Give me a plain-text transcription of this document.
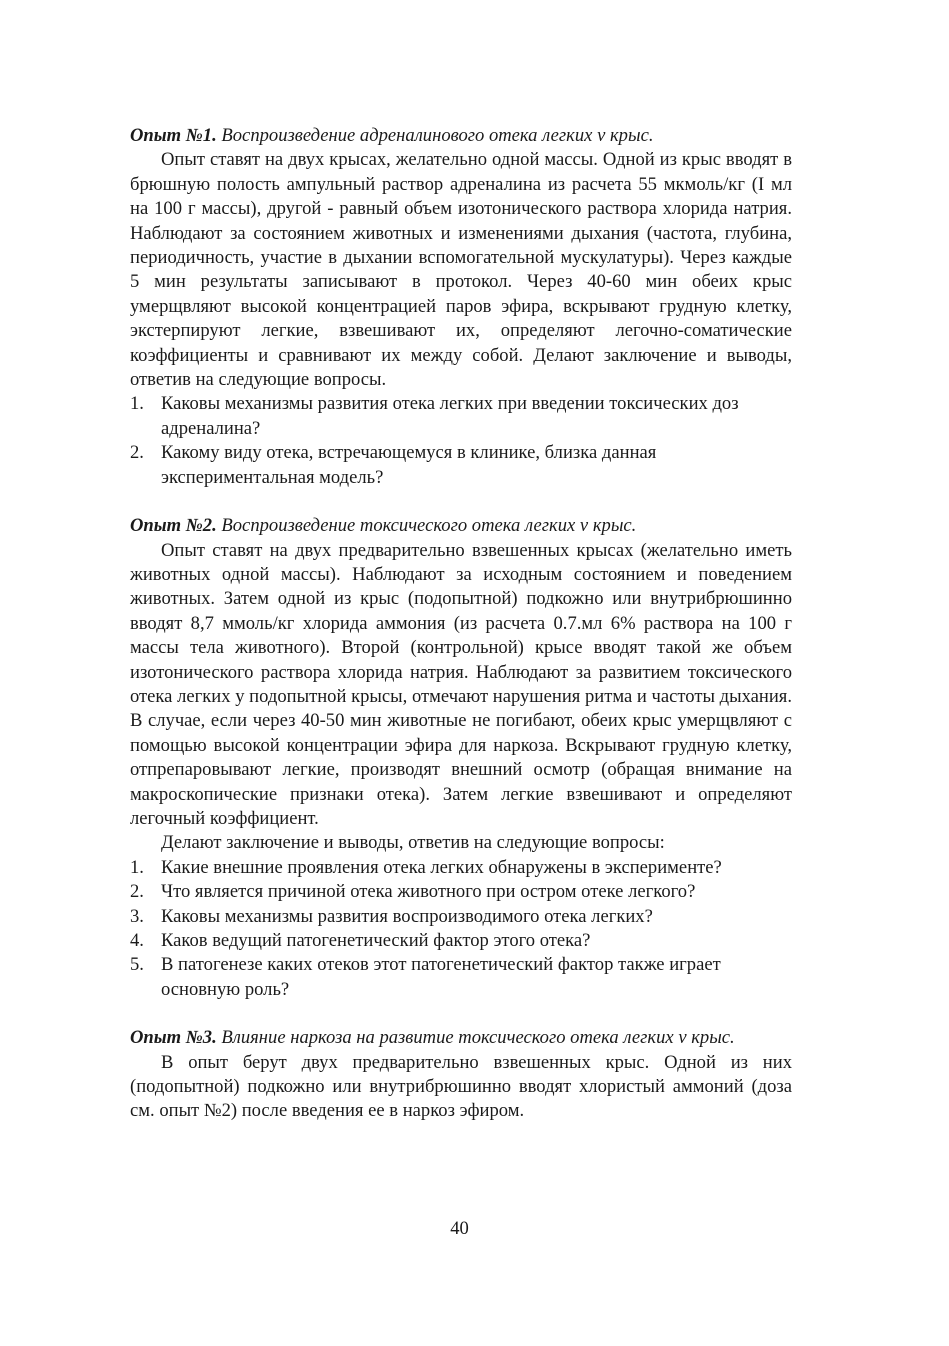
Опыт №1. Воспроизведение адреналинового отека легких v крыс.

Опыт ставят на двух крысах, желательно одной массы. Одной из крыс вводят в брюшную полость ампульный раствор адреналина из расчета 55 мкмоль/кг (I мл на 100 г массы), другой - равный объем изотонического раствора хлорида натрия. Наблюдают за состоянием животных и изменениями дыхания (частота, глубина, периодичность, участие в дыхании вспомогательной мускулатуры). Через каждые 5 мин результаты записывают в протокол. Через 40-60 мин обеих крыс умерщвляют высокой концентрацией паров эфира, вскрывают грудную клетку, экстерпируют легкие, взвешивают их, определяют легочно-соматические коэффициенты и сравнивают их между собой. Делают заключение и выводы, ответив на следующие вопросы.

1. Каковы механизмы развития отека легких при введении токсических доз адреналина?
2. Какому виду отека, встречающемуся в клинике, близка данная экспериментальная модель?

Опыт №2. Воспроизведение токсического отека легких v крыс.

Опыт ставят на двух предварительно взвешенных крысах (желательно иметь животных одной массы). Наблюдают за исходным состоянием и поведением животных. Затем одной из крыс (подопытной) подкожно или внутрибрюшинно вводят 8,7 ммоль/кг хлорида аммония (из расчета 0.7.мл 6% раствора на 100 г массы тела животного). Второй (контрольной) крысе вводят такой же объем изотонического раствора хлорида натрия. Наблюдают за развитием токсического отека легких у подопытной крысы, отмечают нарушения ритма и частоты дыхания. В случае, если через 40-50 мин животные не погибают, обеих крыс умерщвляют с помощью высокой концентрации эфира для наркоза. Вскрывают грудную клетку, отпрепаровывают легкие, производят внешний осмотр (обращая внимание на макроскопические признаки отека). Затем легкие взвешивают и определяют легочный коэффициент.

Делают заключение и выводы, ответив на следующие вопросы:

1. Какие внешние проявления отека легких обнаружены в эксперименте?
2. Что является причиной отека животного при остром отеке легкого?
3. Каковы механизмы развития воспроизводимого отека легких?
4. Каков ведущий патогенетический фактор этого отека?
5. В патогенезе каких отеков этот патогенетический фактор также играет основную роль?

Опыт №3. Влияние наркоза на развитие токсического отека легких v крыс.

В опыт берут двух предварительно взвешенных крыс. Одной из них (подопытной) подкожно или внутрибрюшинно вводят хлористый аммоний (доза см. опыт №2) после введения ее в наркоз эфиром.

40
